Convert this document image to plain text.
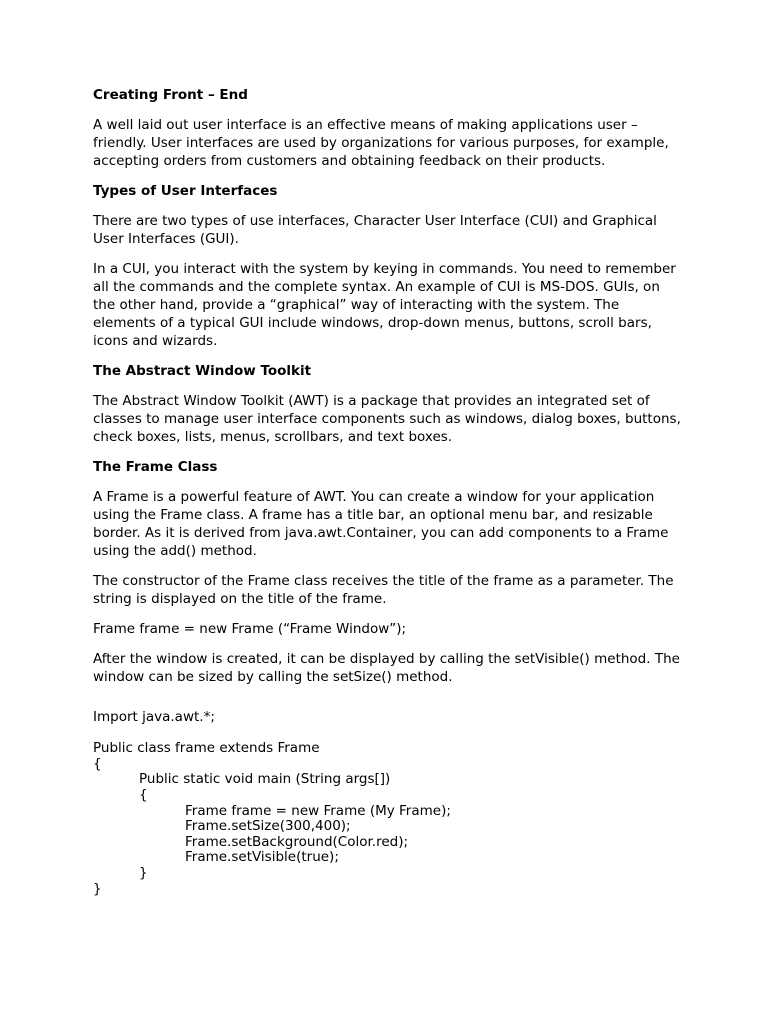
Creating Front – End

A well laid out user interface is an effective means of making applications user – friendly. User interfaces are used by organizations for various purposes, for example, accepting orders from customers and obtaining feedback on their products.

Types of User Interfaces

There are two types of use interfaces, Character User Interface (CUI) and Graphical User Interfaces (GUI).

In a CUI, you interact with the system by keying in commands. You need to remember all the commands and the complete syntax. An example of CUI is MS-DOS. GUIs, on the other hand, provide a “graphical” way of interacting with the system. The elements of a typical GUI include windows, drop-down menus, buttons, scroll bars, icons and wizards.

The Abstract Window Toolkit

The Abstract Window Toolkit (AWT) is a package that provides an integrated set of classes to manage user interface components such as windows, dialog boxes, buttons, check boxes, lists, menus, scrollbars, and text boxes.

The Frame Class

A Frame is a powerful feature of AWT. You can create a window for your application using the Frame class. A frame has a title bar, an optional menu bar, and resizable border. As it is derived from java.awt.Container, you can add components to a Frame using the add() method.

The constructor of the Frame class receives the title of the frame as a parameter. The string is displayed on the title of the frame.

Frame frame = new Frame (“Frame Window”);

After the window is created, it can be displayed by calling the setVisible() method. The window can be sized by calling the setSize() method.

Import java.awt.*;
Public class frame extends Frame
{
Public static void main (String args[])
{
Frame frame = new Frame (My Frame);
Frame.setSize(300,400);
Frame.setBackground(Color.red);
Frame.setVisible(true);
}
}
